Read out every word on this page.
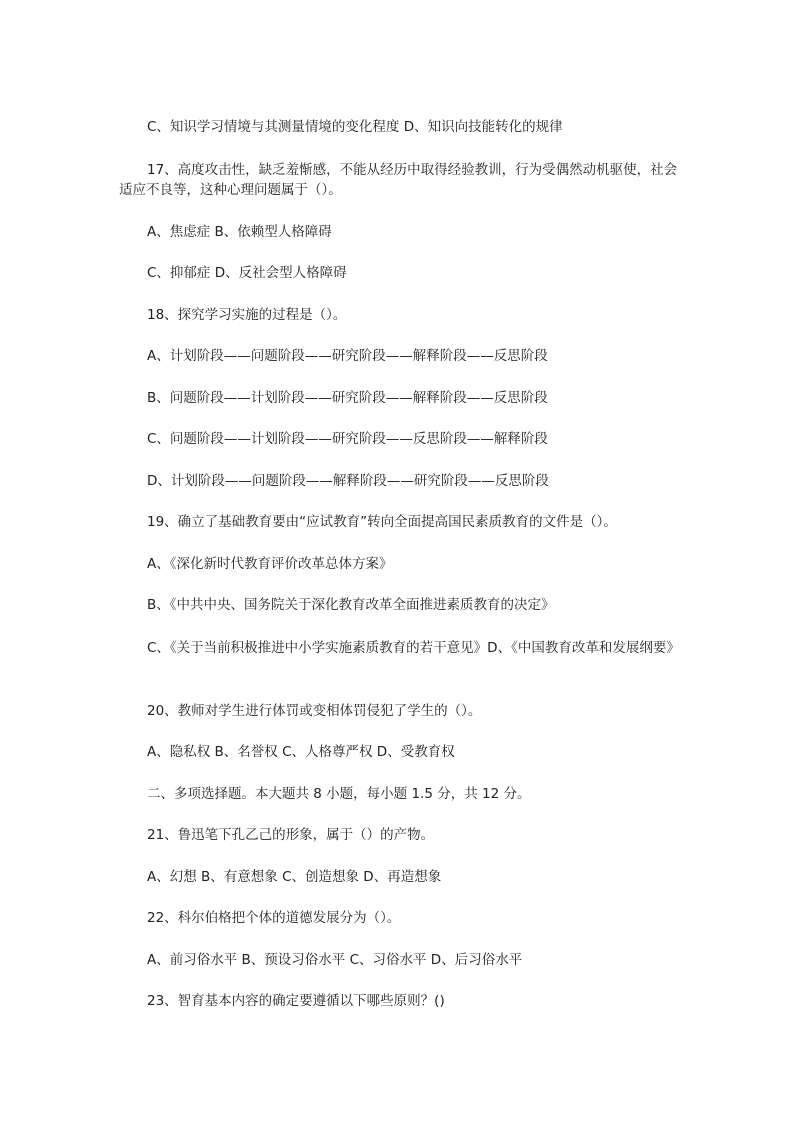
C、知识学习情境与其测量情境的变化程度 D、知识向技能转化的规律

17、高度攻击性，缺乏羞惭感，不能从经历中取得经验教训，行为受偶然动机驱使，社会适应不良等，这种心理问题属于（）。

A、焦虑症 B、依赖型人格障碍

C、抑郁症 D、反社会型人格障碍

18、探究学习实施的过程是（）。

A、计划阶段——问题阶段——研究阶段——解释阶段——反思阶段

B、问题阶段——计划阶段——研究阶段——解释阶段——反思阶段

C、问题阶段——计划阶段——研究阶段——反思阶段——解释阶段

D、计划阶段——问题阶段——解释阶段——研究阶段——反思阶段

19、确立了基础教育要由“应试教育”转向全面提高国民素质教育的文件是（）。

A、《深化新时代教育评价改革总体方案》

B、《中共中央、国务院关于深化教育改革全面推进素质教育的决定》

C、《关于当前积极推进中小学实施素质教育的若干意见》D、《中国教育改革和发展纲要》

20、教师对学生进行体罚或变相体罚侵犯了学生的（）。

A、隐私权 B、名誉权 C、人格尊严权 D、受教育权

二、多项选择题。本大题共 8 小题，每小题 1.5 分，共 12 分。

21、鲁迅笔下孔乙己的形象，属于（）的产物。

A、幻想 B、有意想象 C、创造想象 D、再造想象

22、科尔伯格把个体的道德发展分为（）。

A、前习俗水平 B、预设习俗水平 C、习俗水平 D、后习俗水平

23、智育基本内容的确定要遵循以下哪些原则？()
